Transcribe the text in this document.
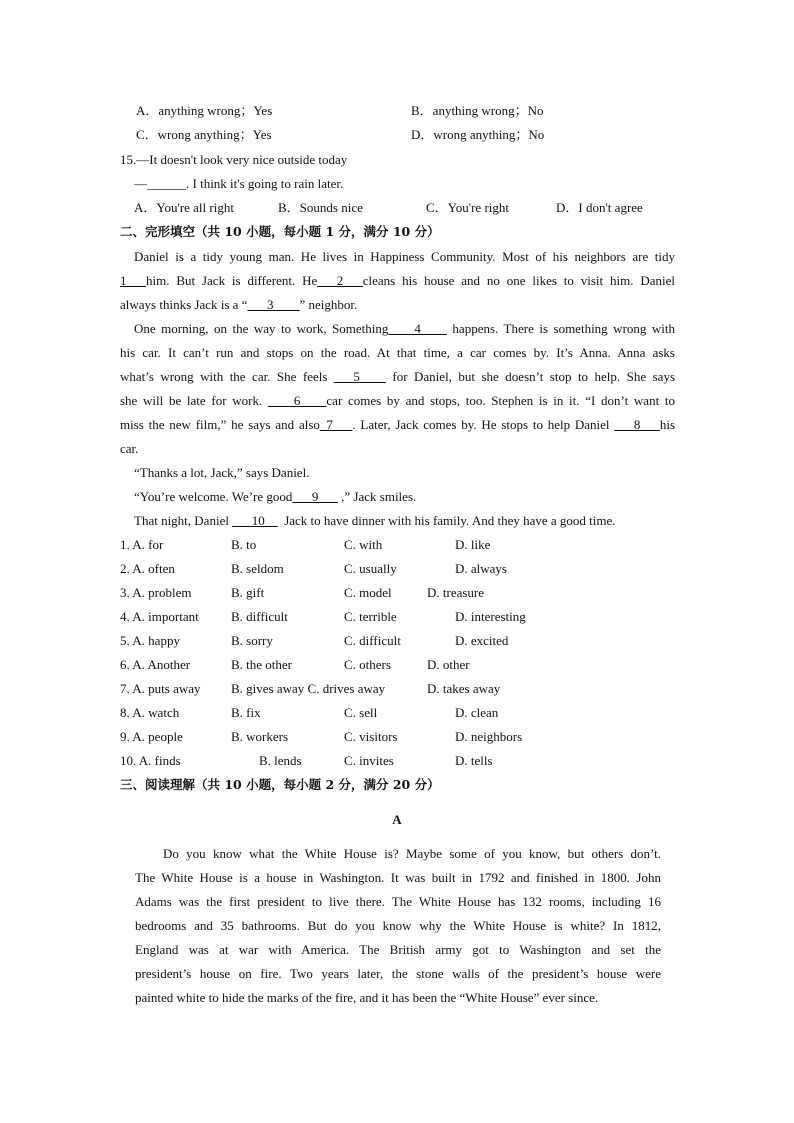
A．anything wrong；Yes	B．anything wrong；No
C．wrong anything；Yes	D．wrong anything；No
15.—It doesn't look very nice outside today
—______. I think it's going to rain later.
A．You're all right	B．Sounds nice	C．You're right	D．I don't agree
二、完形填空（共 10 小题，每小题 1 分，满分 10 分）
Daniel is a tidy young man. He lives in Happiness Community. Most of his neighbors are tidy
1___him. But Jack is different. He___2___cleans his house and no one likes to visit him. Daniel
always thinks Jack is a “___3____” neighbor.
One morning, on the way to work, Something____4____ happens. There is something wrong with
his car. It can’t run and stops on the road. At that time, a car comes by. It’s Anna. Anna asks
what’s wrong with the car. She feels ___5____ for Daniel, but she doesn’t stop to help. She says
she will be late for work. ____6____car comes by and stops, too. Stephen is in it. “I don’t want to
miss the new film,” he says and also_7___. Later, Jack comes by. He stops to help Daniel ___8___his
car.
“Thanks a lot, Jack,” says Daniel.
“You’re welcome. We’re good___9___ ,” Jack smiles.
That night, Daniel ___10__  Jack to have dinner with his family. And they have a good time.
1. A. for	B. to	C. with	D. like
2. A. often	B. seldom	C. usually	D. always
3. A. problem	B. gift	C. model	D. treasure
4. A. important B. difficult	C. terrible	D. interesting
5. A. happy	B. sorry	C. difficult	D. excited
6. A. Another	B. the other	C. others	D. other
7. A. puts away B. gives away C. drives away	D. takes away
8. A. watch	B. fix	C. sell	D. clean
9. A. people	B. workers	C. visitors	D. neighbors
10. A. finds	B. lends	C. invites	D. tells
三、阅读理解（共 10 小题，每小题 2 分，满分 20 分）
A
Do you know what the White House is? Maybe some of you know, but others don’t.
The White House is a house in Washington. It was built in 1792 and finished in 1800. John
Adams was the first president to live there. The White House has 132 rooms, including 16
bedrooms and 35 bathrooms. But do you know why the White House is white? In 1812,
England was at war with America. The British army got to Washington and set the
president’s house on fire. Two years later, the stone walls of the president’s house were
painted white to hide the marks of the fire, and it has been the “White House” ever since.
